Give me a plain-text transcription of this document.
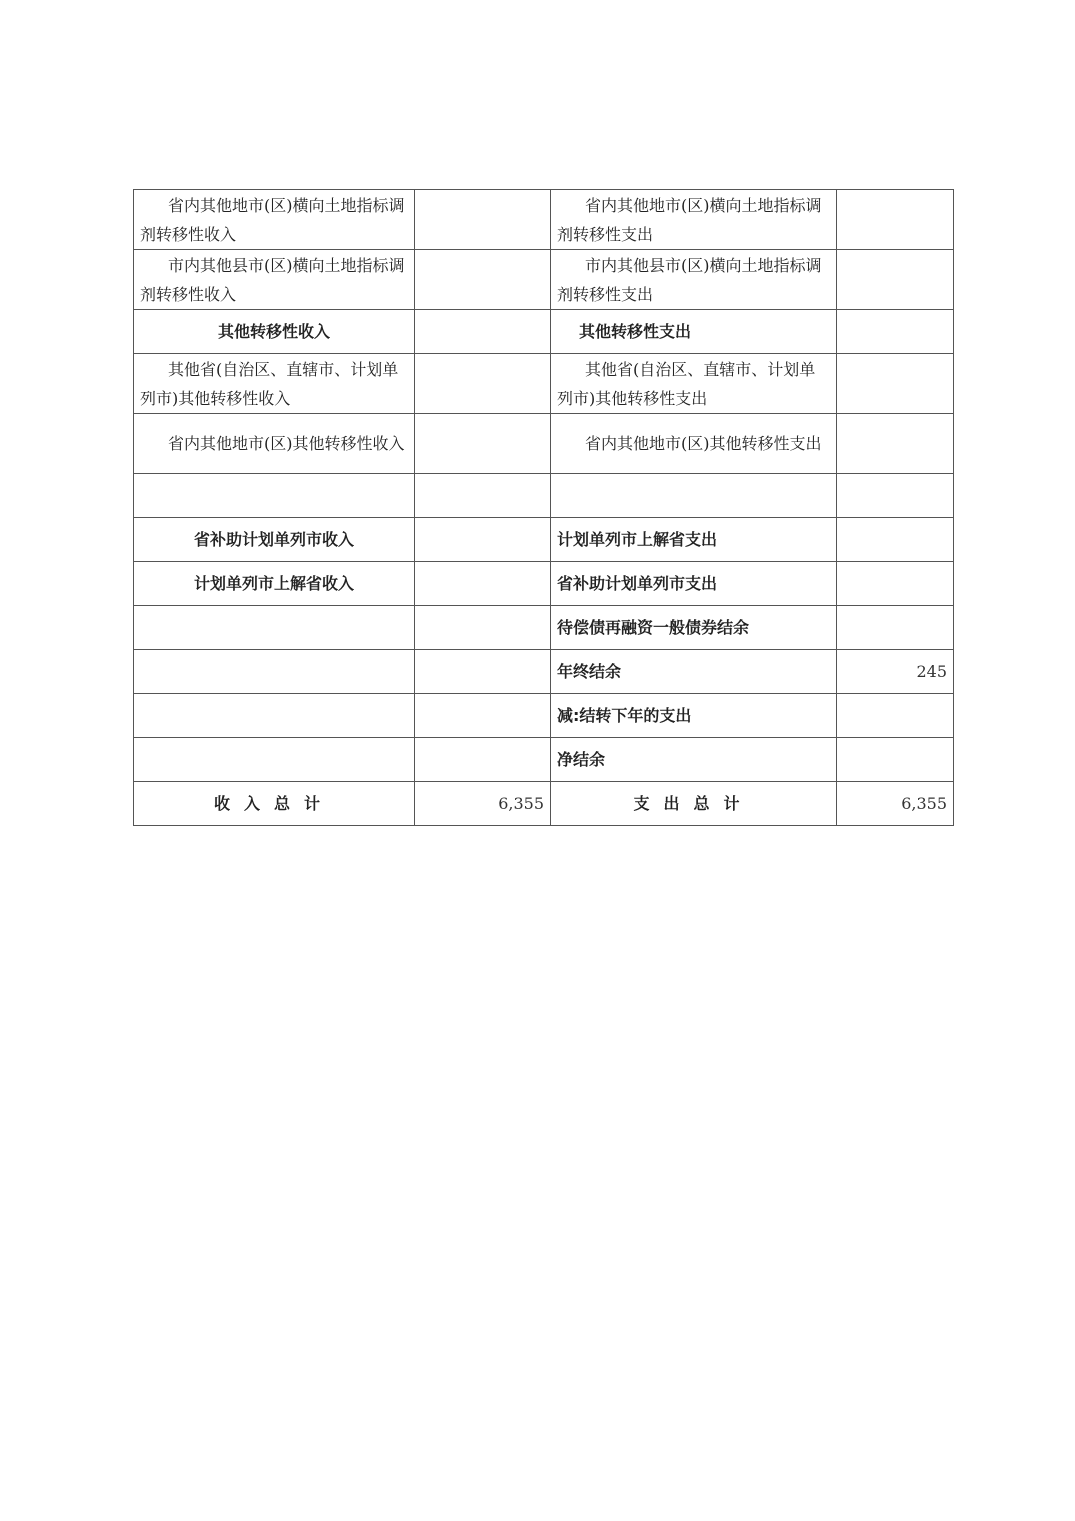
省内其他地市(区)横向土地指标调剂转移性收入		省内其他地市(区)横向土地指标调剂转移性支出	
市内其他县市(区)横向土地指标调剂转移性收入		市内其他县市(区)横向土地指标调剂转移性支出	
其他转移性收入		其他转移性支出	
其他省(自治区、直辖市、计划单列市)其他转移性收入		其他省(自治区、直辖市、计划单列市)其他转移性支出	
省内其他地市(区)其他转移性收入		省内其他地市(区)其他转移性支出	

省补助计划单列市收入		计划单列市上解省支出	
计划单列市上解省收入		省补助计划单列市支出	
		待偿债再融资一般债券结余	
		年终结余	245
		减:结转下年的支出	
		净结余	
收入总计	6,355	支出总计	6,355
